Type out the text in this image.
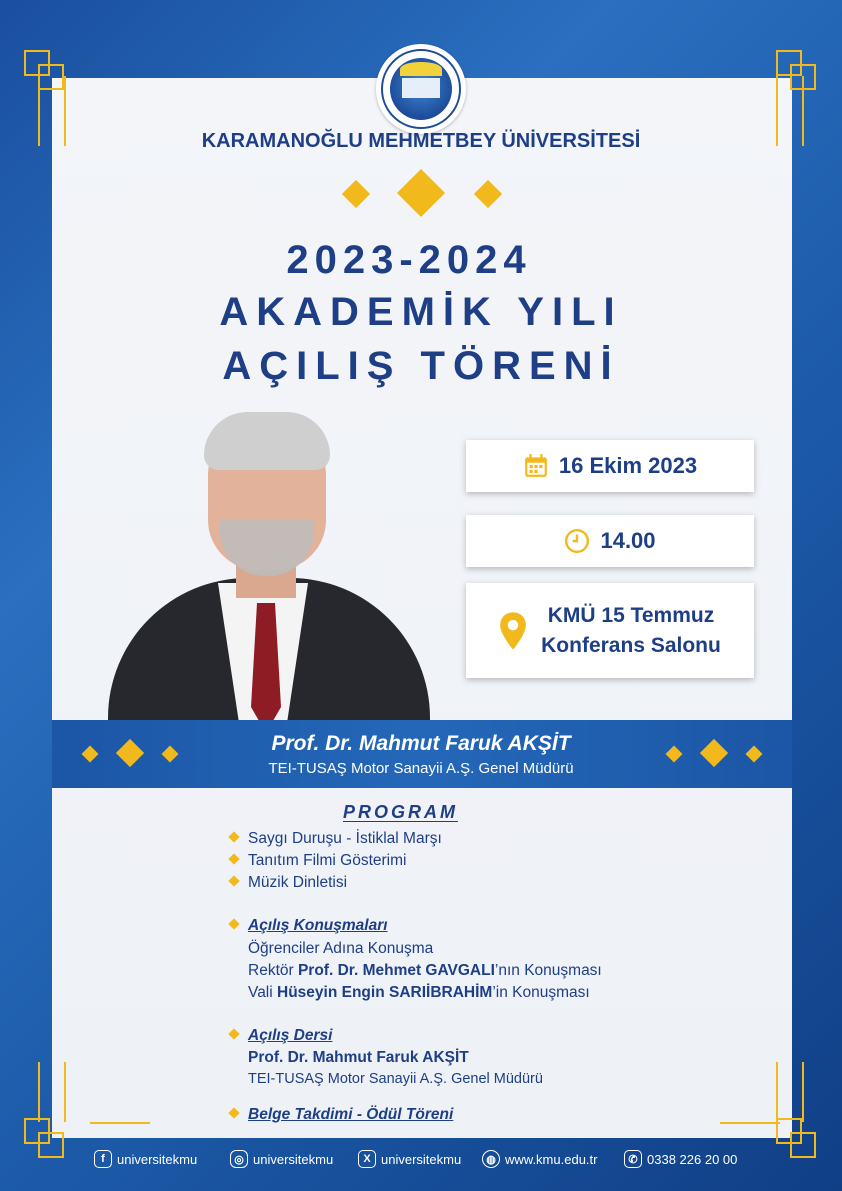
2007
KARAMANOĞLU MEHMETBEY ÜNİVERSİTESİ
2023-2024
AKADEMİK YILI
AÇILIŞ TÖRENİ
16 Ekim 2023
14.00
KMÜ 15 Temmuz
Konferans Salonu
Prof. Dr. Mahmut Faruk AKŞİT
TEI-TUSAŞ Motor Sanayii A.Ş. Genel Müdürü
PROGRAM
Saygı Duruşu - İstiklal Marşı
Tanıtım Filmi Gösterimi
Müzik Dinletisi
Açılış Konuşmaları
Öğrenciler Adına Konuşma
Rektör Prof. Dr. Mehmet GAVGALI’nın Konuşması
Vali Hüseyin Engin SARIİBRAHİM’in Konuşması
Açılış Dersi
Prof. Dr. Mahmut Faruk AKŞİT
TEI-TUSAŞ Motor Sanayii A.Ş. Genel Müdürü
Belge Takdimi - Ödül Töreni
f universitekmu	◎ universitekmu	X universitekmu	◍ www.kmu.edu.tr	✆ 0338 226 20 00
